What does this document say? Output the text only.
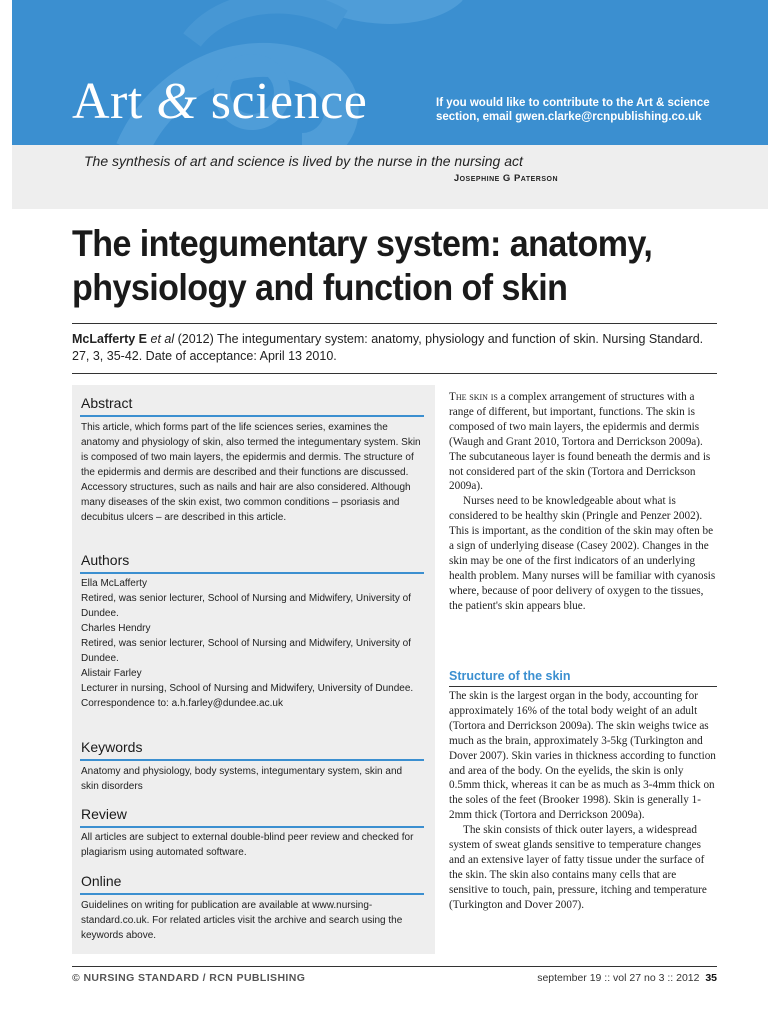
Art & science	If you would like to contribute to the Art & science section, email gwen.clarke@rcnpublishing.co.uk
The synthesis of art and science is lived by the nurse in the nursing act
Josephine G Paterson
The integumentary system: anatomy, physiology and function of skin
McLafferty E et al (2012) The integumentary system: anatomy, physiology and function of skin. Nursing Standard. 27, 3, 35-42. Date of acceptance: April 13 2010.
Abstract
This article, which forms part of the life sciences series, examines the anatomy and physiology of skin, also termed the integumentary system. Skin is composed of two main layers, the epidermis and dermis. The structure of the epidermis and dermis are described and their functions are discussed. Accessory structures, such as nails and hair are also considered. Although many diseases of the skin exist, two common conditions – psoriasis and decubitus ulcers – are described in this article.
Authors
Ella McLafferty
Retired, was senior lecturer, School of Nursing and Midwifery, University of Dundee.
Charles Hendry
Retired, was senior lecturer, School of Nursing and Midwifery, University of Dundee.
Alistair Farley
Lecturer in nursing, School of Nursing and Midwifery, University of Dundee.
Correspondence to: a.h.farley@dundee.ac.uk
Keywords
Anatomy and physiology, body systems, integumentary system, skin and skin disorders
Review
All articles are subject to external double-blind peer review and checked for plagiarism using automated software.
Online
Guidelines on writing for publication are available at www.nursing-standard.co.uk. For related articles visit the archive and search using the keywords above.

The skin is a complex arrangement of structures with a range of different, but important, functions. The skin is composed of two main layers, the epidermis and dermis (Waugh and Grant 2010, Tortora and Derrickson 2009a). The subcutaneous layer is found beneath the dermis and is not considered part of the skin (Tortora and Derrickson 2009a).

Nurses need to be knowledgeable about what is considered to be healthy skin (Pringle and Penzer 2002). This is important, as the condition of the skin may often be a sign of underlying disease (Casey 2002). Changes in the skin may be one of the first indicators of an underlying health problem. Many nurses will be familiar with cyanosis where, because of poor delivery of oxygen to the tissues, the patient's skin appears blue.

Structure of the skin

The skin is the largest organ in the body, accounting for approximately 16% of the total body weight of an adult (Tortora and Derrickson 2009a). The skin weighs twice as much as the brain, approximately 3-5kg (Turkington and Dover 2007). Skin varies in thickness according to function and area of the body. On the eyelids, the skin is only 0.5mm thick, whereas it can be as much as 3-4mm thick on the soles of the feet (Brooker 1998). Skin is generally 1-2mm thick (Tortora and Derrickson 2009a).

The skin consists of thick outer layers, a widespread system of sweat glands sensitive to temperature changes and an extensive layer of fatty tissue under the surface of the skin. The skin also contains many cells that are sensitive to touch, pain, pressure, itching and temperature (Turkington and Dover 2007).

© NURSING STANDARD / RCN PUBLISHING	september 19 :: vol 27 no 3 :: 2012 35
